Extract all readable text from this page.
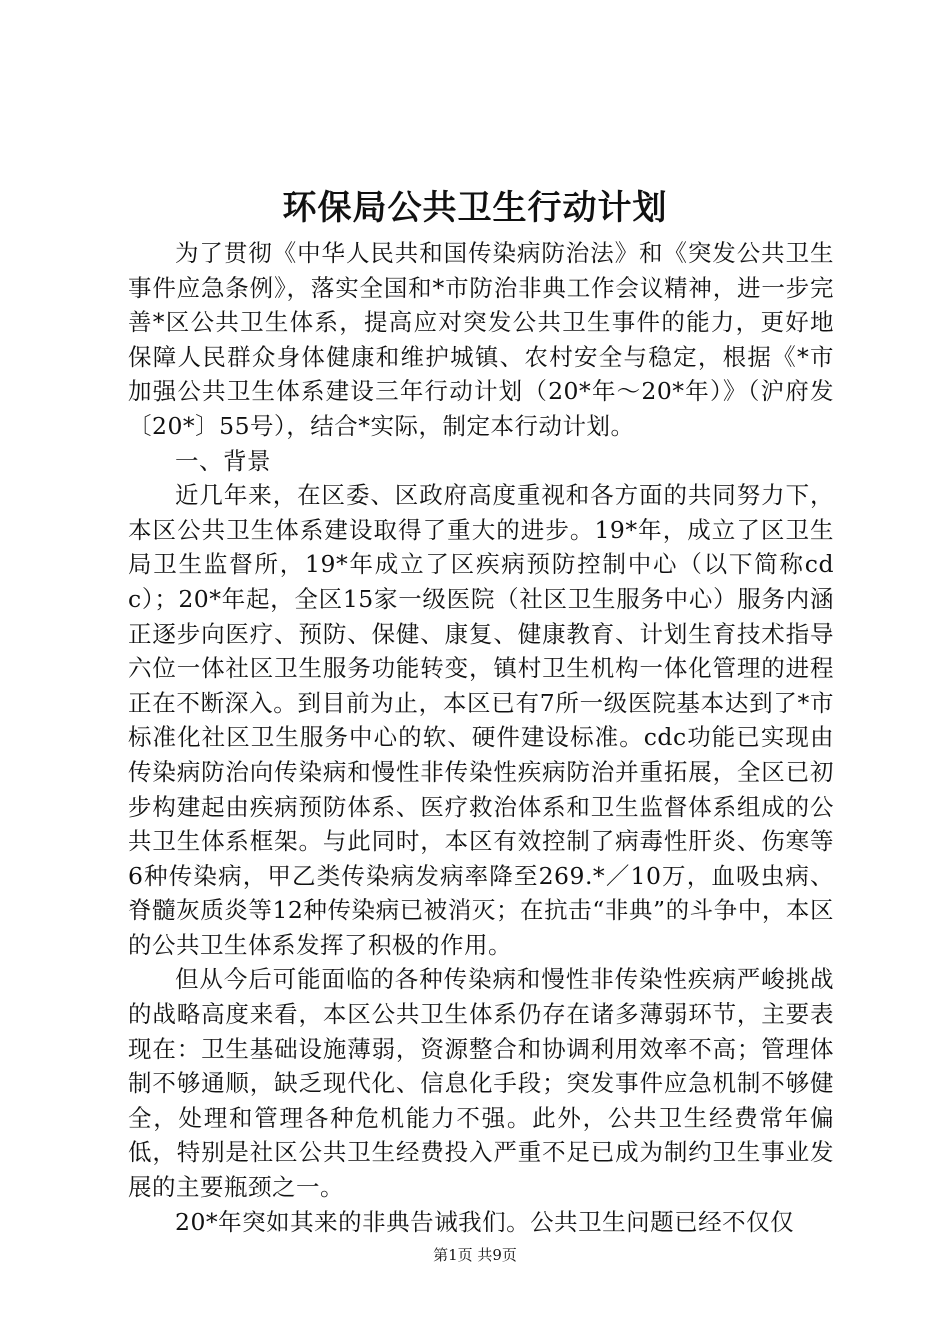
环保局公共卫生行动计划

为了贯彻《中华人民共和国传染病防治法》和《突发公共卫生事件应急条例》，落实全国和*市防治非典工作会议精神，进一步完善*区公共卫生体系，提高应对突发公共卫生事件的能力，更好地保障人民群众身体健康和维护城镇、农村安全与稳定，根据《*市加强公共卫生体系建设三年行动计划（20*年～20*年）》（沪府发〔20*〕55号），结合*实际，制定本行动计划。

一、背景

近几年来，在区委、区政府高度重视和各方面的共同努力下，本区公共卫生体系建设取得了重大的进步。19*年，成立了区卫生局卫生监督所，19*年成立了区疾病预防控制中心（以下简称cdc）；20*年起，全区15家一级医院（社区卫生服务中心）服务内涵正逐步向医疗、预防、保健、康复、健康教育、计划生育技术指导六位一体社区卫生服务功能转变，镇村卫生机构一体化管理的进程正在不断深入。到目前为止，本区已有7所一级医院基本达到了*市标准化社区卫生服务中心的软、硬件建设标准。cdc功能已实现由传染病防治向传染病和慢性非传染性疾病防治并重拓展，全区已初步构建起由疾病预防体系、医疗救治体系和卫生监督体系组成的公共卫生体系框架。与此同时，本区有效控制了病毒性肝炎、伤寒等6种传染病，甲乙类传染病发病率降至269.*／10万，血吸虫病、脊髓灰质炎等12种传染病已被消灭；在抗击“非典”的斗争中，本区的公共卫生体系发挥了积极的作用。

但从今后可能面临的各种传染病和慢性非传染性疾病严峻挑战的战略高度来看，本区公共卫生体系仍存在诸多薄弱环节，主要表现在：卫生基础设施薄弱，资源整合和协调利用效率不高；管理体制不够通顺，缺乏现代化、信息化手段；突发事件应急机制不够健全，处理和管理各种危机能力不强。此外，公共卫生经费常年偏低，特别是社区公共卫生经费投入严重不足已成为制约卫生事业发展的主要瓶颈之一。

20*年突如其来的非典告诫我们。公共卫生问题已经不仅仅

第1页 共9页
